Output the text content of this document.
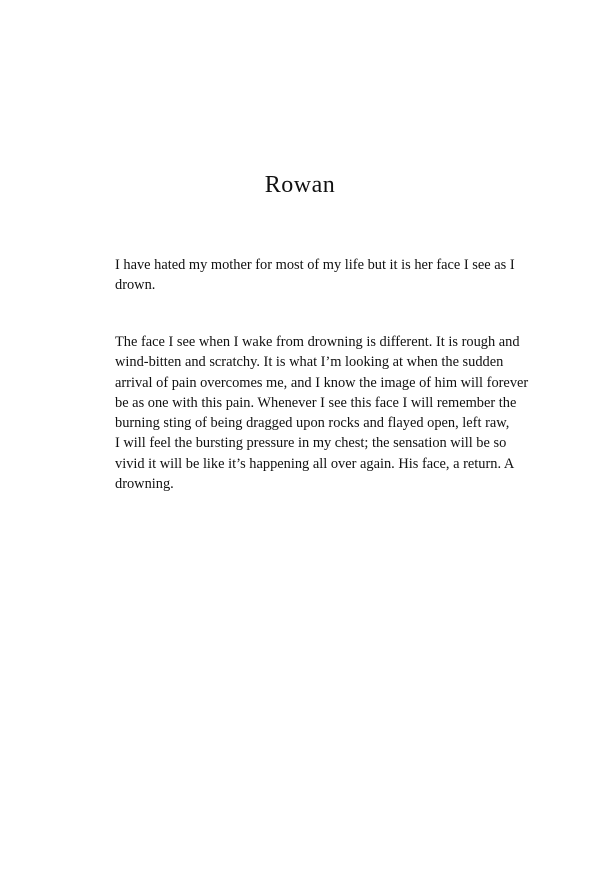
Rowan

I have hated my mother for most of my life but it is her face I see as I
drown.

The face I see when I wake from drowning is different. It is rough and
wind-bitten and scratchy. It is what I’m looking at when the sudden
arrival of pain overcomes me, and I know the image of him will forever
be as one with this pain. Whenever I see this face I will remember the
burning sting of being dragged upon rocks and flayed open, left raw,
I will feel the bursting pressure in my chest; the sensation will be so
vivid it will be like it’s happening all over again. His face, a return. A
drowning.
